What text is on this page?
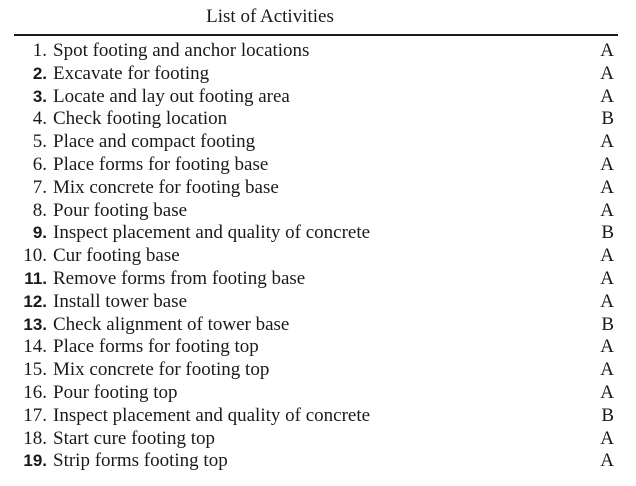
List of Activities
1. Spot footing and anchor locations	A
2. Excavate for footing	A
3. Locate and lay out footing area	A
4. Check footing location	B
5. Place and compact footing	A
6. Place forms for footing base	A
7. Mix concrete for footing base	A
8. Pour footing base	A
9. Inspect placement and quality of concrete	B
10. Cur footing base	A
11. Remove forms from footing base	A
12. Install tower base	A
13. Check alignment of tower base	B
14. Place forms for footing top	A
15. Mix concrete for footing top	A
16. Pour footing top	A
17. Inspect placement and quality of concrete	B
18. Start cure footing top	A
19. Strip forms footing top	A
